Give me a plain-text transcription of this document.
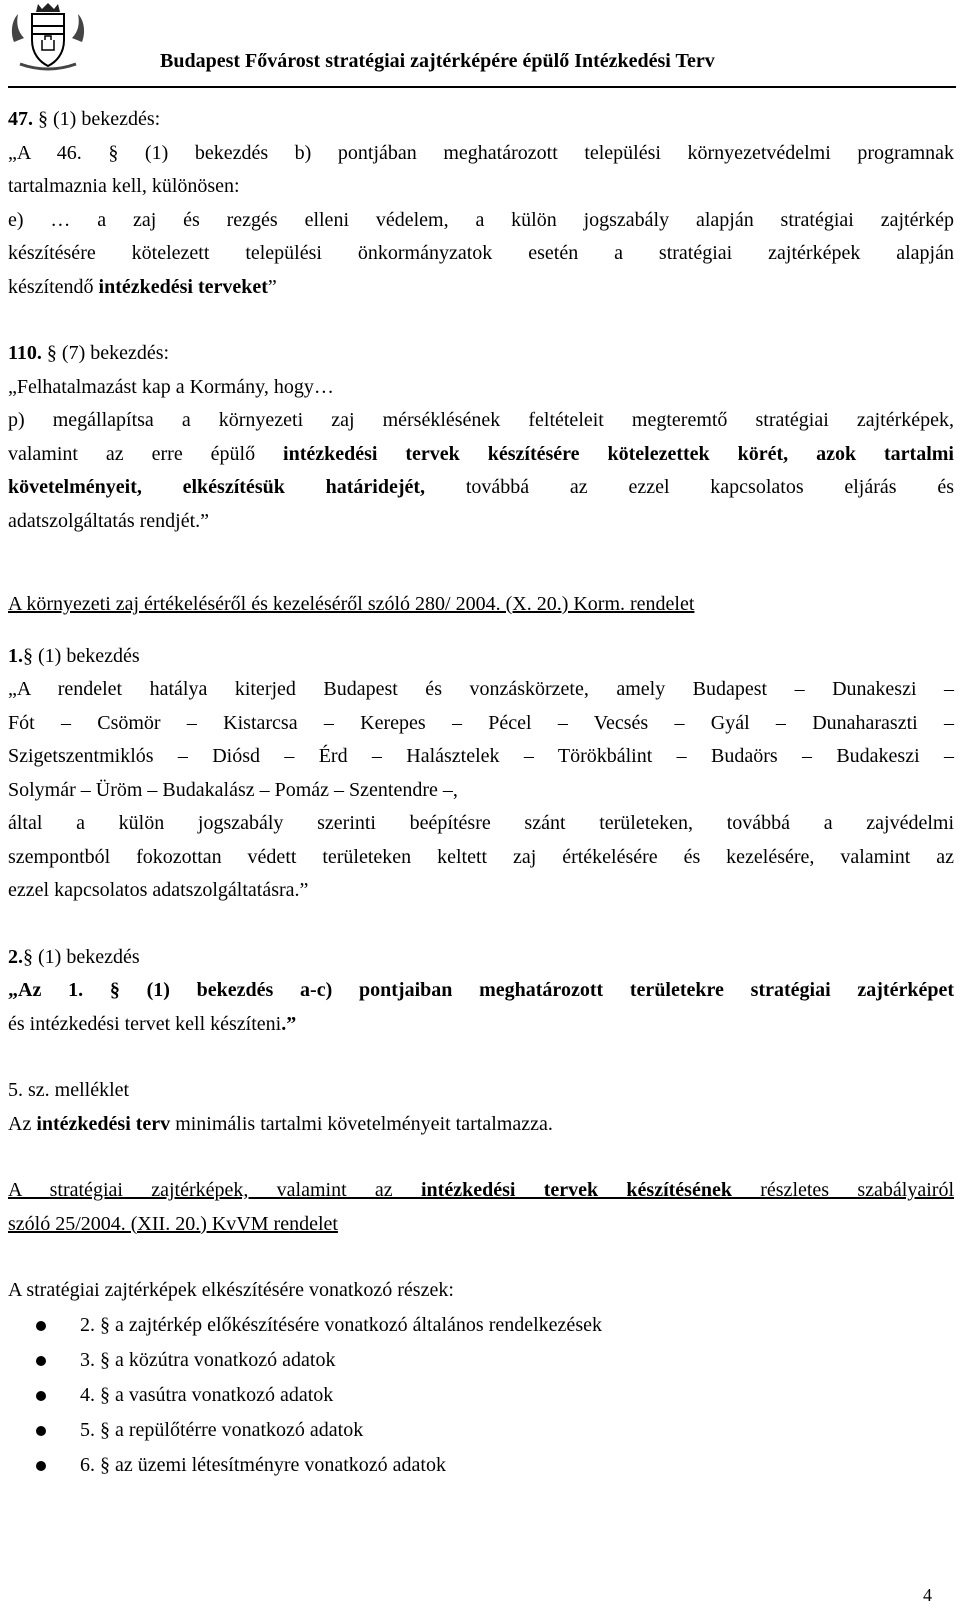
Budapest Fővárost stratégiai zajtérképére épülő Intézkedési Terv

47. § (1) bekezdés:

„A 46. § (1) bekezdés b) pontjában meghatározott települési környezetvédelmi programnak

tartalmaznia kell, különösen:

e) … a zaj és rezgés elleni védelem, a külön jogszabály alapján stratégiai zajtérkép

készítésére kötelezett települési önkormányzatok esetén a stratégiai zajtérképek alapján

készítendő intézkedési terveket”

110. § (7) bekezdés:

„Felhatalmazást kap a Kormány, hogy…

p) megállapítsa a környezeti zaj mérséklésének feltételeit megteremtő stratégiai zajtérképek,

valamint az erre épülő intézkedési tervek készítésére kötelezettek körét, azok tartalmi

követelményeit, elkészítésük határidejét, továbbá az ezzel kapcsolatos eljárás és

adatszolgáltatás rendjét.”

A környezeti zaj értékeléséről és kezeléséről szóló 280/ 2004. (X. 20.) Korm. rendelet

1.§ (1) bekezdés

„A rendelet hatálya kiterjed Budapest és vonzáskörzete, amely Budapest – Dunakeszi –

Fót – Csömör – Kistarcsa – Kerepes – Pécel – Vecsés – Gyál – Dunaharaszti –

Szigetszentmiklós – Diósd – Érd – Halásztelek – Törökbálint – Budaörs – Budakeszi –

Solymár – Üröm – Budakalász – Pomáz – Szentendre –,

által a külön jogszabály szerinti beépítésre szánt területeken, továbbá a zajvédelmi

szempontból fokozottan védett területeken keltett zaj értékelésére és kezelésére, valamint az

ezzel kapcsolatos adatszolgáltatásra.”

2.§ (1) bekezdés

„Az 1. § (1) bekezdés a-c) pontjaiban meghatározott területekre stratégiai zajtérképet

és intézkedési tervet kell készíteni.”

5. sz. melléklet

Az intézkedési terv minimális tartalmi követelményeit tartalmazza.

A stratégiai zajtérképek, valamint az intézkedési tervek készítésének részletes szabályairól

szóló 25/2004. (XII. 20.) KvVM rendelet

A stratégiai zajtérképek elkészítésére vonatkozó részek:

2. § a zajtérkép előkészítésére vonatkozó általános rendelkezések
3. § a közútra vonatkozó adatok
4. § a vasútra vonatkozó adatok
5. § a repülőtérre vonatkozó adatok
6. § az üzemi létesítményre vonatkozó adatok
4
